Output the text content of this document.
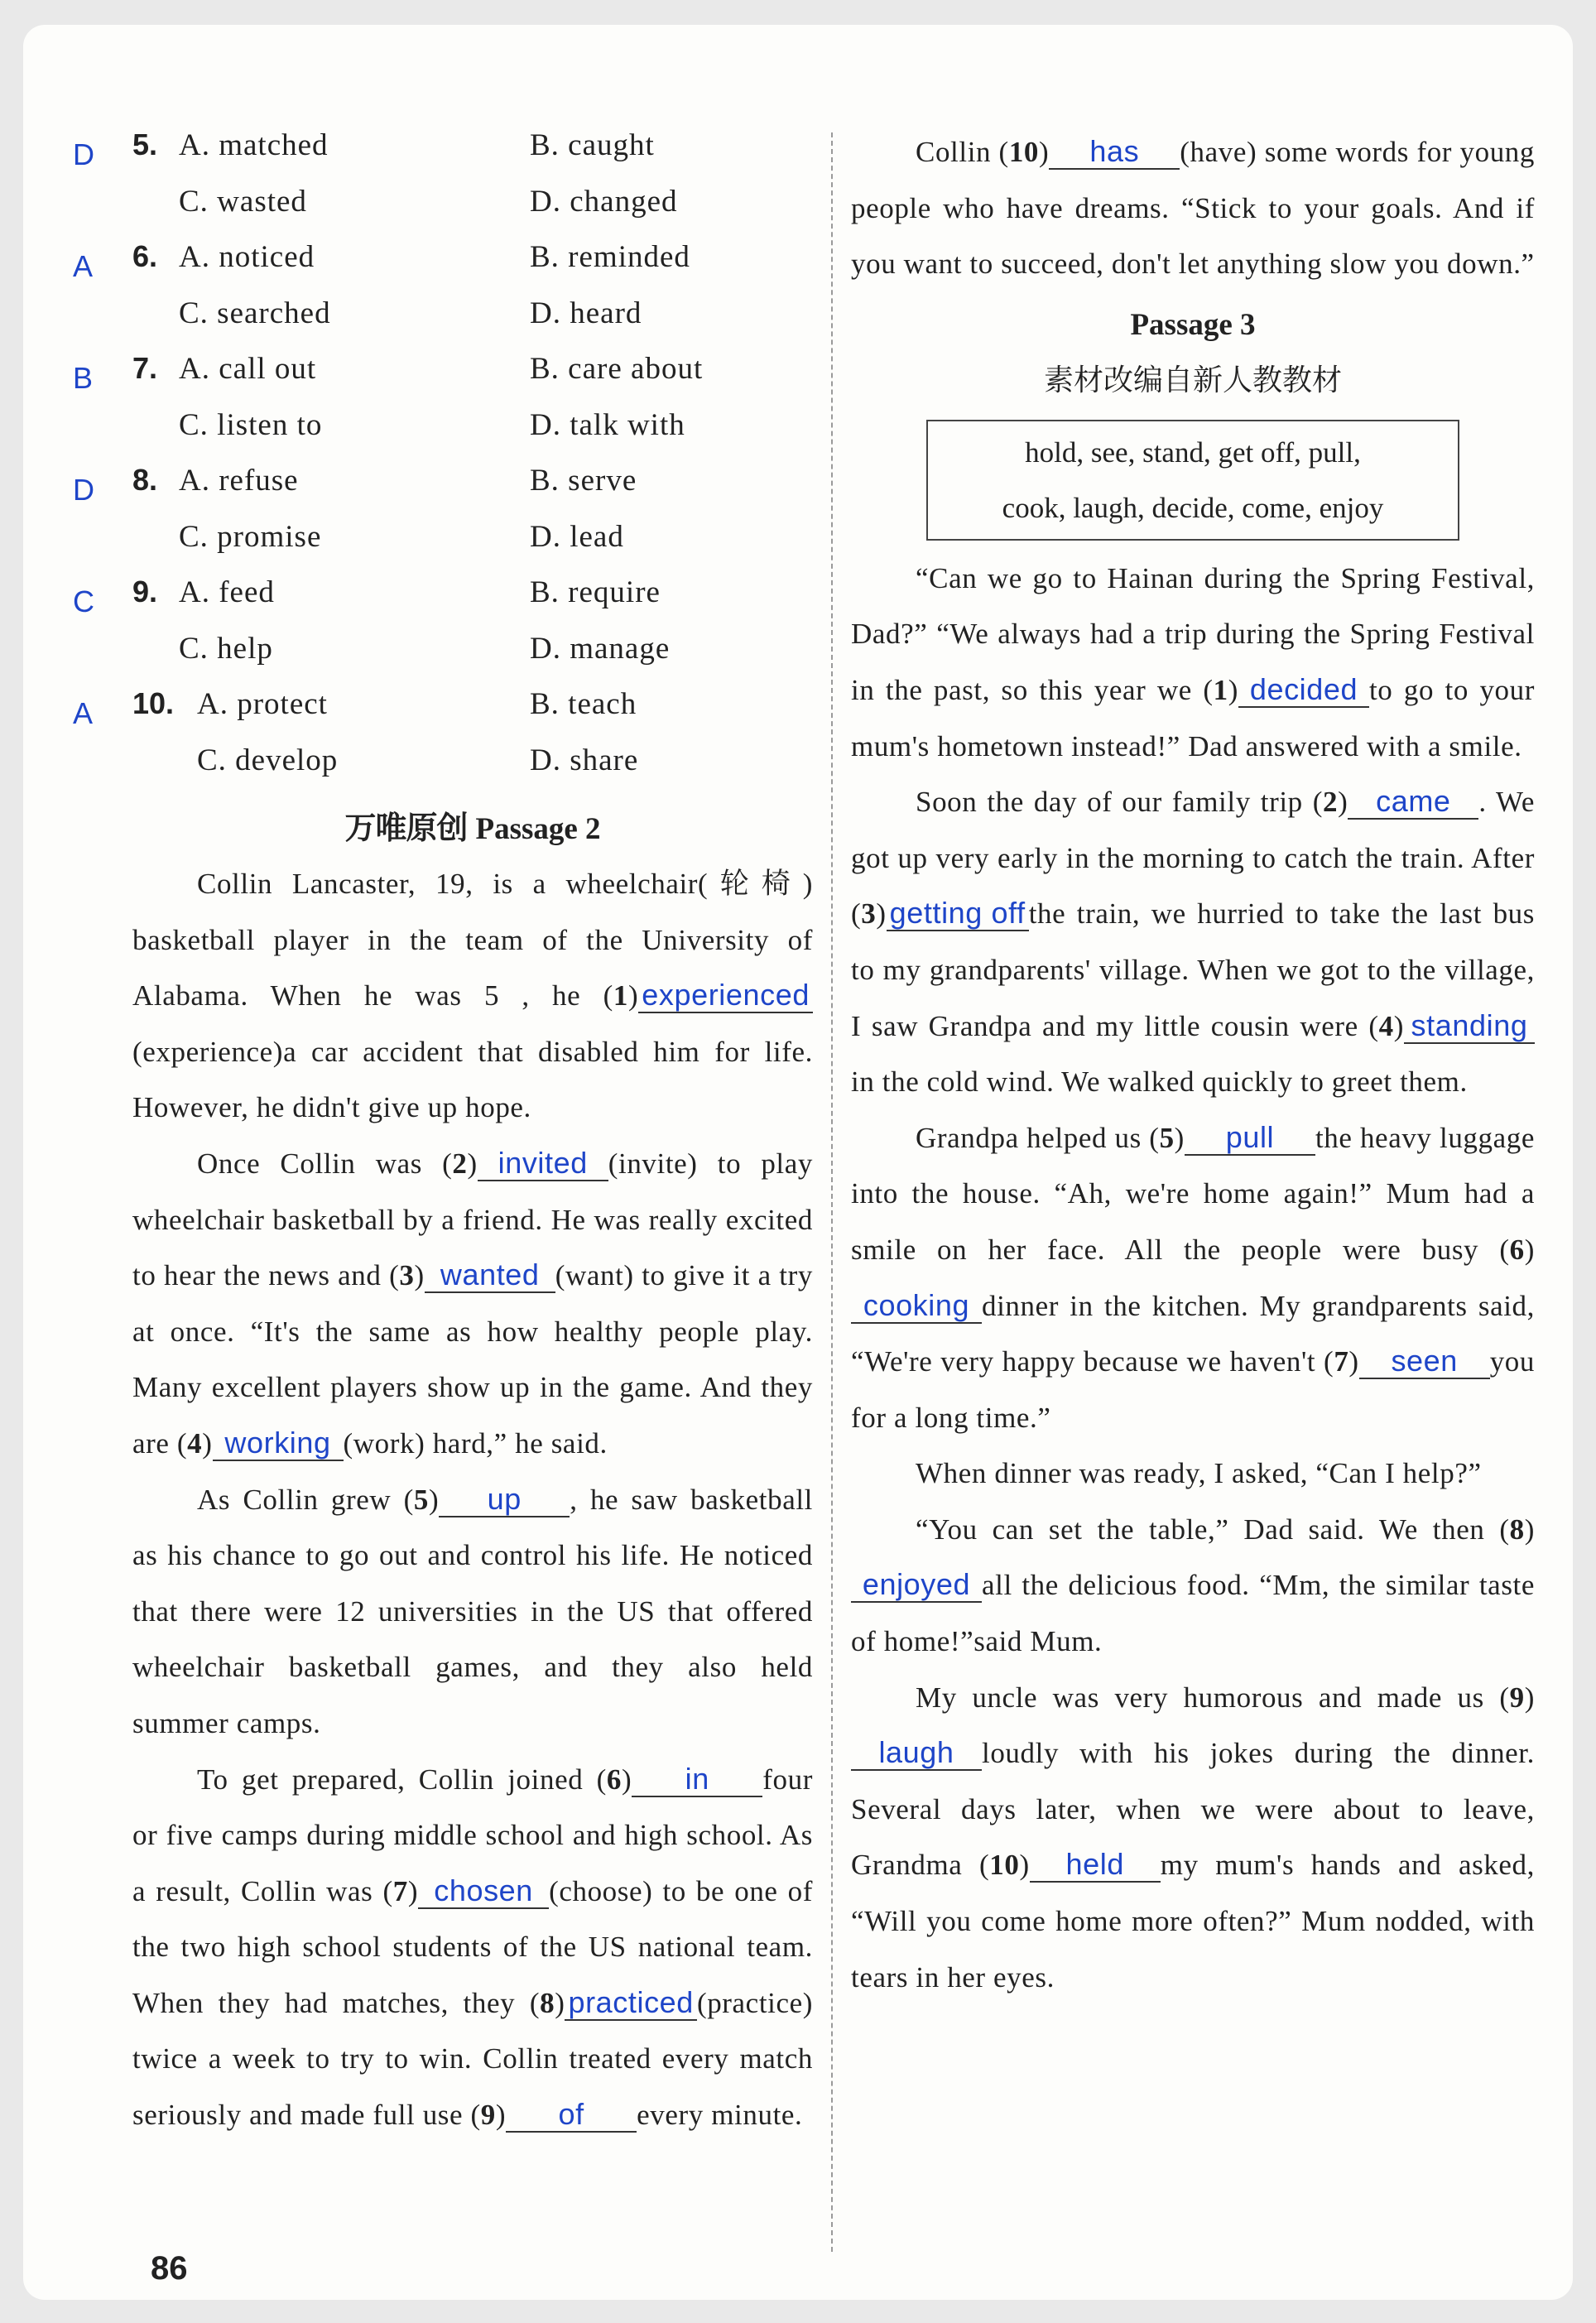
D 5. A. matched	B. caught
C. wasted	D. changed
A 6. A. noticed	B. reminded
C. searched	D. heard
B 7. A. call out	B. care about
C. listen to	D. talk with
D 8. A. refuse	B. serve
C. promise	D. lead
C 9. A. feed	B. require
C. help	D. manage
A 10. A. protect	B. teach
C. develop	D. share
万唯原创 Passage 2

Collin Lancaster, 19, is a wheelchair(轮椅) basketball player in the team of the University of Alabama. When he was 5 , he (1) experienced(experience)a car accident that disabled him for life. However, he didn't give up hope.

Once Collin was (2) invited (invite) to play wheelchair basketball by a friend. He was really excited to hear the news and (3) wanted (want) to give it a try at once. “It's the same as how healthy people play. Many excellent players show up in the game. And they are (4) working (work) hard,” he said.

As Collin grew (5) up , he saw basketball as his chance to go out and control his life. He noticed that there were 12 universities in the US that offered wheelchair basketball games, and they also held summer camps.

To get prepared, Collin joined (6) in four or five camps during middle school and high school. As a result, Collin was (7) chosen (choose) to be one of the two high school students of the US national team. When they had matches, they (8) practiced (practice) twice a week to try to win. Collin treated every match seriously and made full use (9) of every minute.

Collin (10) has (have) some words for young people who have dreams. “Stick to your goals. And if you want to succeed, don't let anything slow you down.”

Passage 3
素材改编自新人教教材
hold, see, stand, get off, pull,
cook, laugh, decide, come, enjoy

“Can we go to Hainan during the Spring Festival, Dad?” “We always had a trip during the Spring Festival in the past, so this year we (1) decided to go to your mum's hometown instead!” Dad answered with a smile.

Soon the day of our family trip (2) came . We got up very early in the morning to catch the train. After (3) getting off the train, we hurried to take the last bus to my grandparents' village. When we got to the village, I saw Grandpa and my little cousin were (4) standingin the cold wind. We walked quickly to greet them.

Grandpa helped us (5) pull the heavy luggage into the house. “Ah, we're home again!” Mum had a smile on her face. All the people were busy (6)cooking dinner in the kitchen. My grandparents said, “We're very happy because we haven't (7) seen you for a long time.”

When dinner was ready, I asked, “Can I help?”

“You can set the table,” Dad said. We then (8)enjoyed all the delicious food. “Mm, the similar taste of home!”said Mum.

My uncle was very humorous and made us (9)laugh loudly with his jokes during the dinner. Several days later, when we were about to leave, Grandma (10) held my mum's hands and asked, “Will you come home more often?” Mum nodded, with tears in her eyes.

86
